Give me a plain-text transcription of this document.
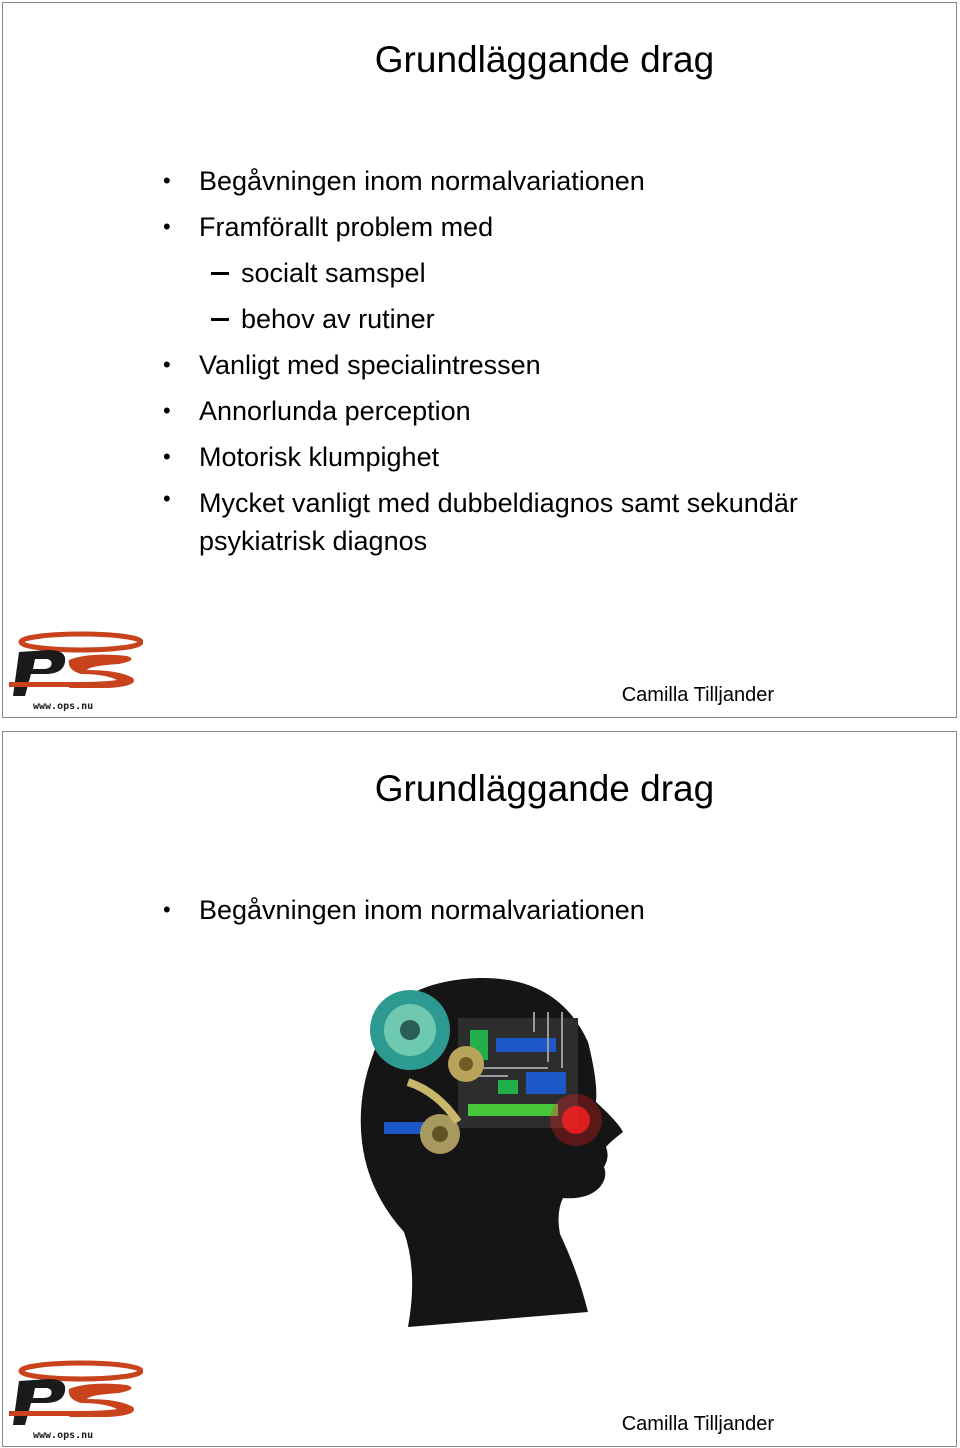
Grundläggande drag
• Begåvningen inom normalvariationen
• Framförallt problem med
socialt samspel
behov av rutiner
• Vanligt med specialintressen
• Annorlunda perception
• Motorisk klumpighet
• Mycket vanligt med dubbeldiagnos samt sekundär psykiatrisk diagnos
www.ops.nu
Camilla Tilljander
Grundläggande drag
• Begåvningen inom normalvariationen
www.ops.nu
Camilla Tilljander
